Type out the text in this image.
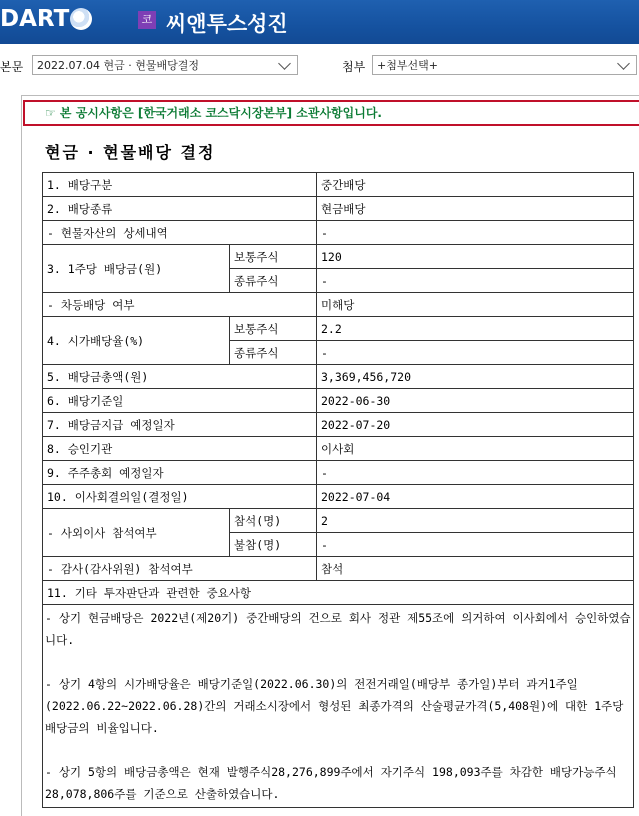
DART	코 씨앤투스성진
본문	2022.07.04 현금 · 현물배당결정	첨부	+첨부선택+
☞ 본 공시사항은 [한국거래소 코스닥시장본부] 소관사항입니다.
현금 · 현물배당 결정
1. 배당구분		중간배당
2. 배당종류		현금배당
- 현물자산의 상세내역		-
3. 1주당 배당금(원)	보통주식	120
	종류주식	-
- 차등배당 여부		미해당
4. 시가배당율(%)	보통주식	2.2
	종류주식	-
5. 배당금총액(원)		3,369,456,720
6. 배당기준일		2022-06-30
7. 배당금지급 예정일자		2022-07-20
8. 승인기관		이사회
9. 주주총회 예정일자		-
10. 이사회결의일(결정일)		2022-07-04
- 사외이사 참석여부	참석(명)	2
	불참(명)	-
- 감사(감사위원) 참석여부		참석
11. 기타 투자판단과 관련한 중요사항		

- 상기 현금배당은 2022년(제20기) 중간배당의 건으로 회사 정관 제55조에 의거하여 이사회에서 승인하였습니다.
- 상기 4항의 시가배당율은 배당기준일(2022.06.30)의 전전거래일(배당부 종가일)부터 과거1주일(2022.06.22~2022.06.28)간의 거래소시장에서 형성된 최종가격의 산술평균가격(5,408원)에 대한 1주당 배당금의 비율입니다.
- 상기 5항의 배당금총액은 현재 발행주식28,276,899주에서 자기주식 198,093주를 차감한 배당가능주식 28,078,806주를 기준으로 산출하였습니다.		
